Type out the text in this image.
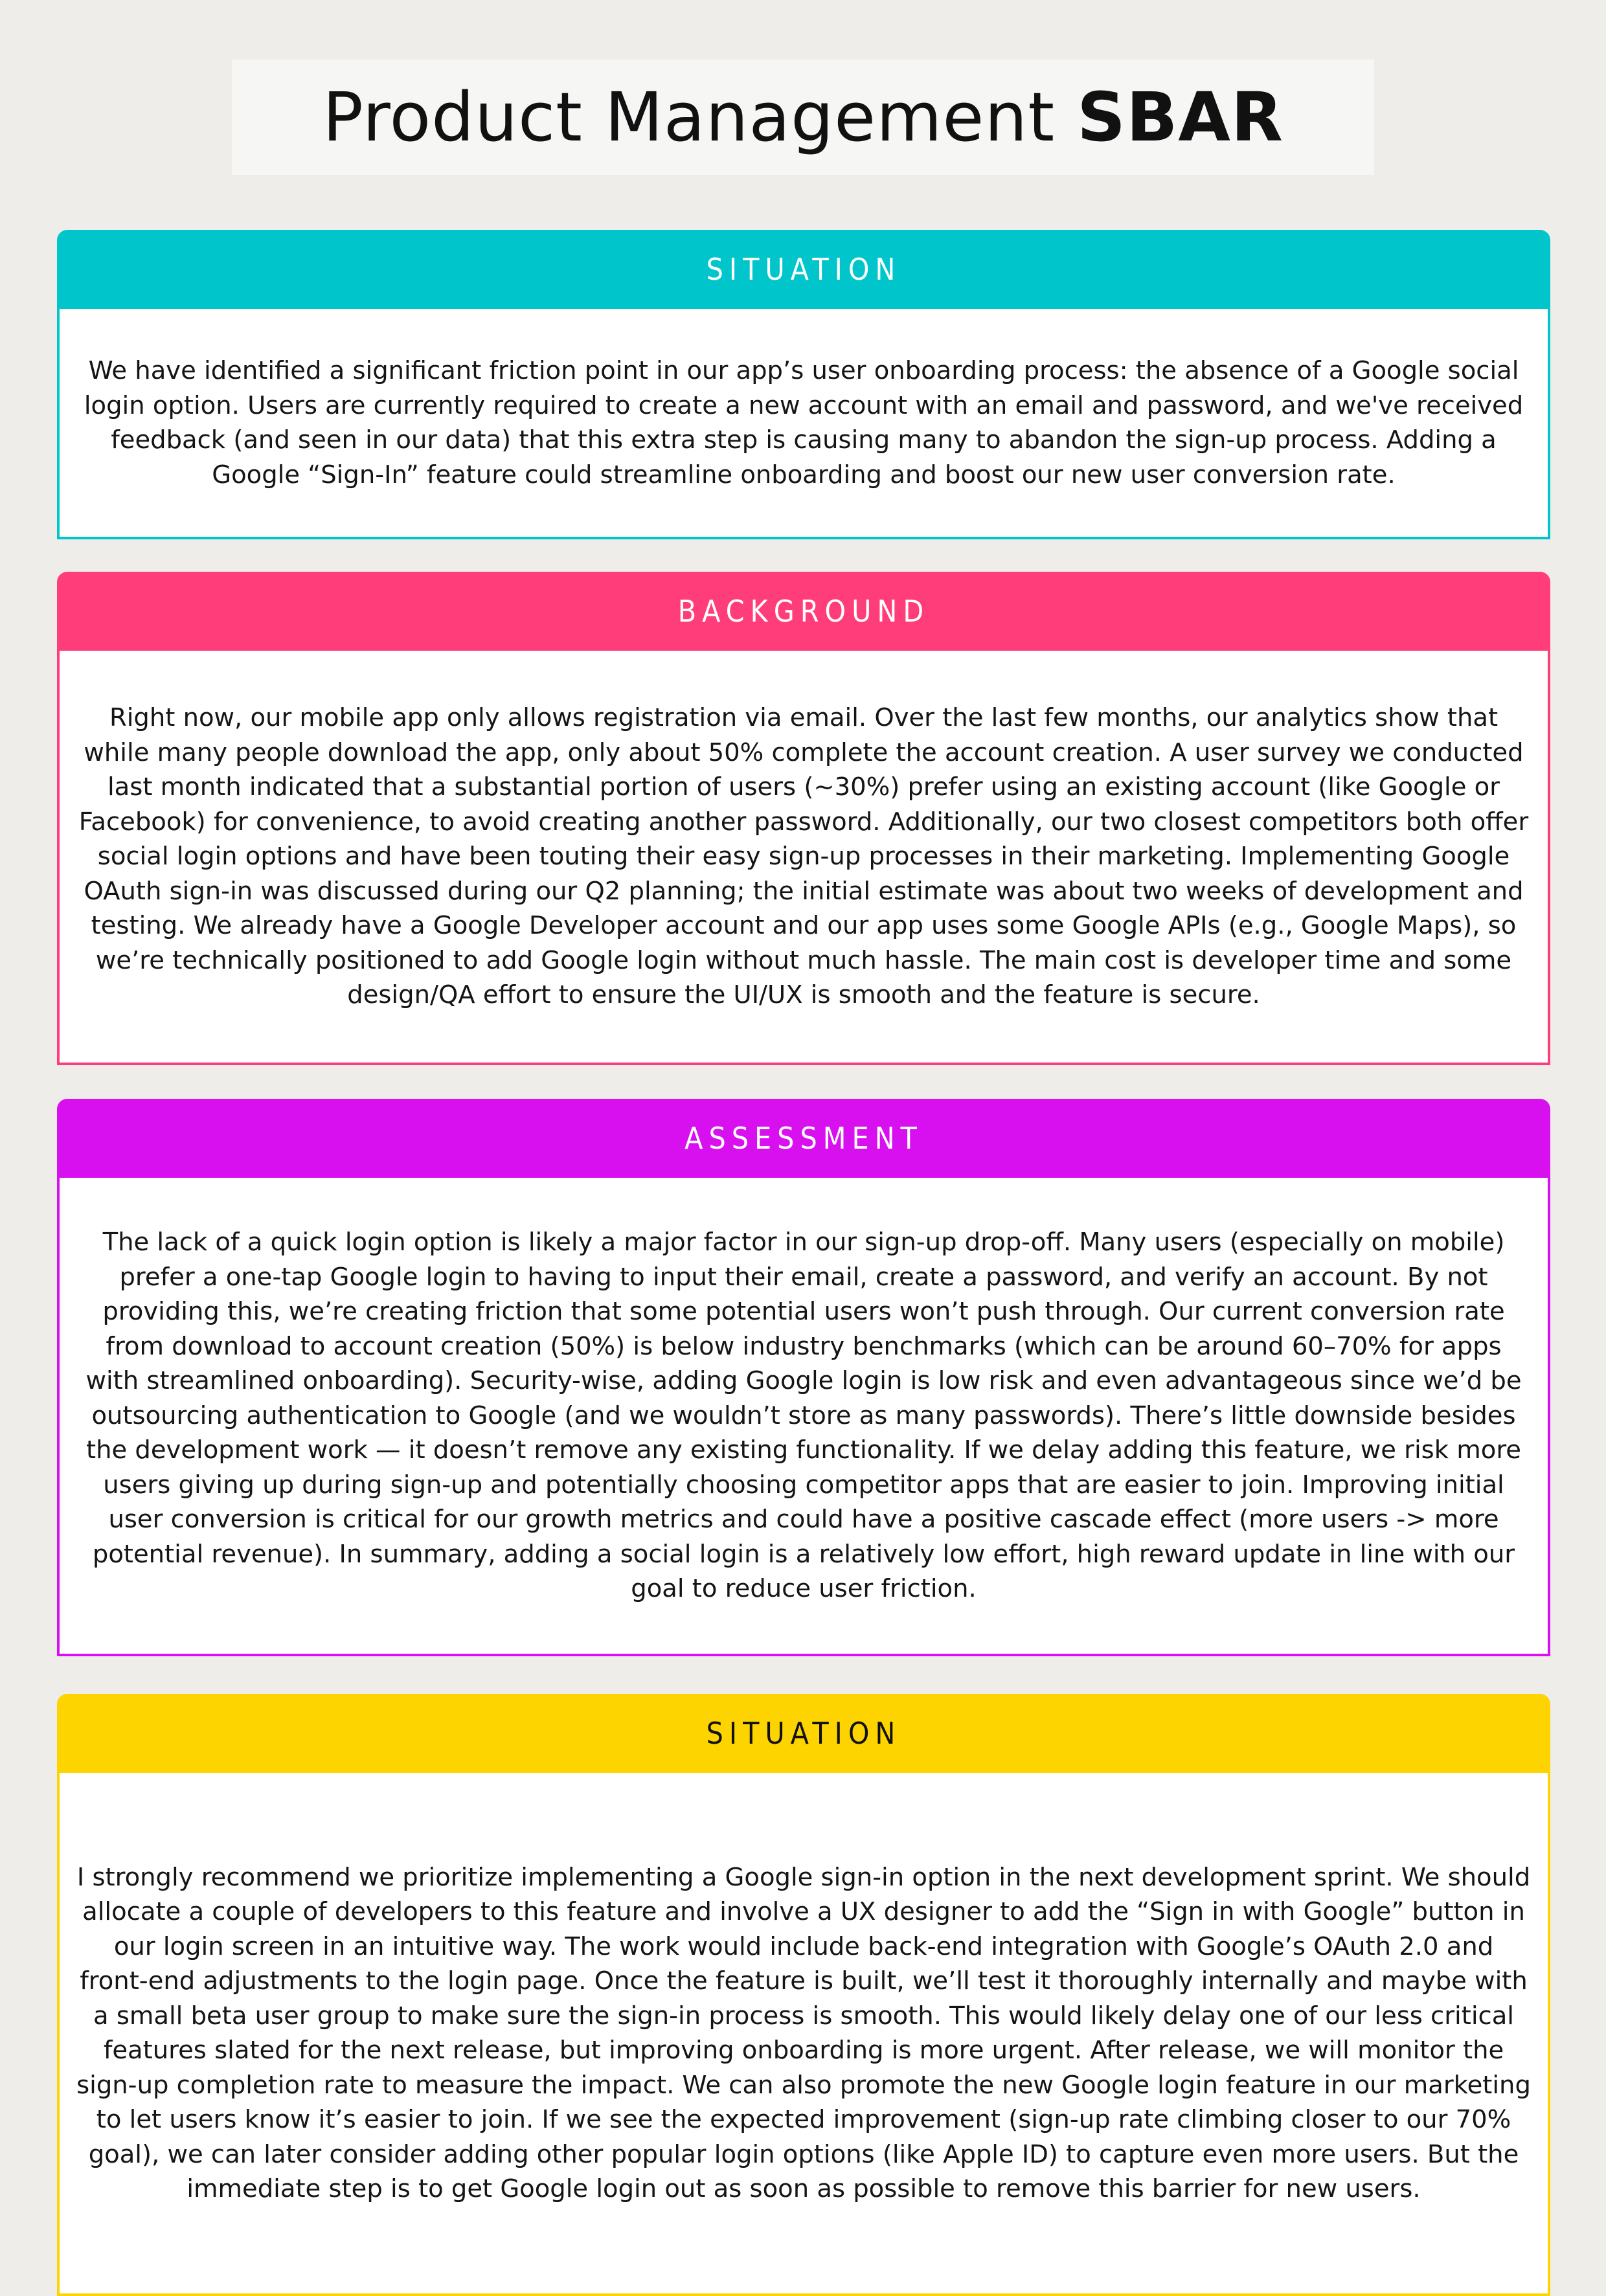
Product Management SBAR
SITUATION

We have identified a significant friction point in our app’s user onboarding process: the absence of a Google social login option. Users are currently required to create a new account with an email and password, and we've received feedback (and seen in our data) that this extra step is causing many to abandon the sign-up process. Adding a Google “Sign-In” feature could streamline onboarding and boost our new user conversion rate.

BACKGROUND

Right now, our mobile app only allows registration via email. Over the last few months, our analytics show that while many people download the app, only about 50% complete the account creation. A user survey we conducted last month indicated that a substantial portion of users (~30%) prefer using an existing account (like Google or Facebook) for convenience, to avoid creating another password. Additionally, our two closest competitors both offer social login options and have been touting their easy sign-up processes in their marketing. Implementing Google OAuth sign-in was discussed during our Q2 planning; the initial estimate was about two weeks of development and testing. We already have a Google Developer account and our app uses some Google APIs (e.g., Google Maps), so we’re technically positioned to add Google login without much hassle. The main cost is developer time and some design/QA effort to ensure the UI/UX is smooth and the feature is secure.

ASSESSMENT

The lack of a quick login option is likely a major factor in our sign-up drop-off. Many users (especially on mobile) prefer a one-tap Google login to having to input their email, create a password, and verify an account. By not providing this, we’re creating friction that some potential users won’t push through. Our current conversion rate from download to account creation (50%) is below industry benchmarks (which can be around 60–70% for apps with streamlined onboarding). Security-wise, adding Google login is low risk and even advantageous since we’d be outsourcing authentication to Google (and we wouldn’t store as many passwords). There’s little downside besides the development work — it doesn’t remove any existing functionality. If we delay adding this feature, we risk more users giving up during sign-up and potentially choosing competitor apps that are easier to join. Improving initial user conversion is critical for our growth metrics and could have a positive cascade effect (more users -> more potential revenue). In summary, adding a social login is a relatively low effort, high reward update in line with our goal to reduce user friction.

SITUATION

I strongly recommend we prioritize implementing a Google sign-in option in the next development sprint. We should allocate a couple of developers to this feature and involve a UX designer to add the “Sign in with Google” button in our login screen in an intuitive way. The work would include back-end integration with Google’s OAuth 2.0 and front-end adjustments to the login page. Once the feature is built, we’ll test it thoroughly internally and maybe with a small beta user group to make sure the sign-in process is smooth. This would likely delay one of our less critical features slated for the next release, but improving onboarding is more urgent. After release, we will monitor the sign-up completion rate to measure the impact. We can also promote the new Google login feature in our marketing to let users know it’s easier to join. If we see the expected improvement (sign-up rate climbing closer to our 70% goal), we can later consider adding other popular login options (like Apple ID) to capture even more users. But the immediate step is to get Google login out as soon as possible to remove this barrier for new users.
